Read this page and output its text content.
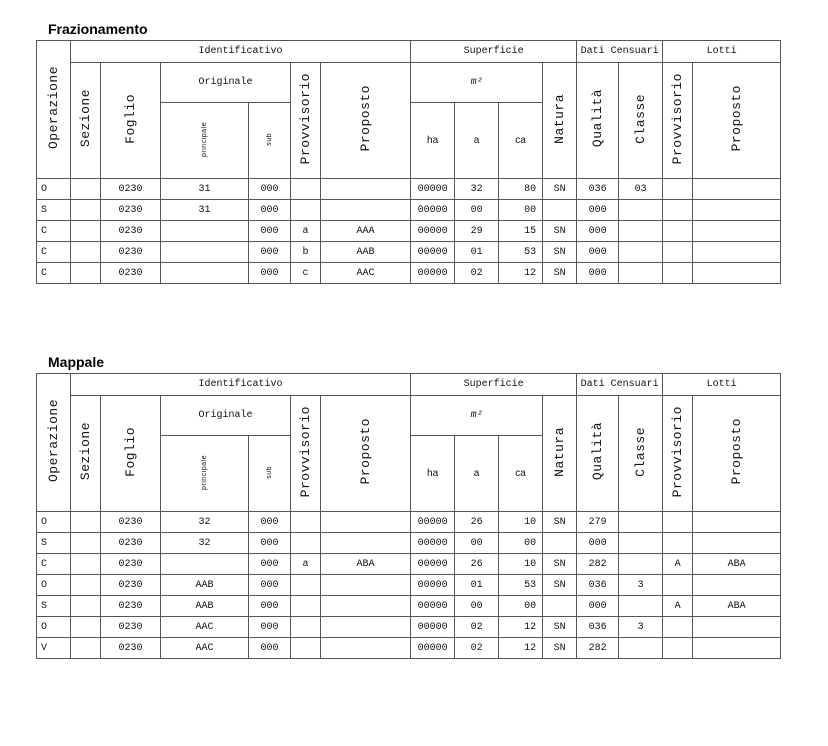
Frazionamento
Operazione	Identificativo						Superficie				Dati Censuari		Lotti	
	Sezione	Foglio	Originale		Provvisorio	Proposto	m²			Natura	Qualità	Classe	Provvisorio	Proposto
			principale	sub			ha	a	ca					
O		0230	31	000			00000	32	80	SN	036	03		
S		0230	31	000			00000	00	00		000			
C		0230		000	a	AAA	00000	29	15	SN	000			
C		0230		000	b	AAB	00000	01	53	SN	000			
C		0230		000	c	AAC	00000	02	12	SN	000			
Mappale
Operazione	Identificativo						Superficie				Dati Censuari		Lotti	
	Sezione	Foglio	Originale		Provvisorio	Proposto	m²			Natura	Qualità	Classe	Provvisorio	Proposto
			principale	sub			ha	a	ca					
O		0230	32	000			00000	26	10	SN	279			
S		0230	32	000			00000	00	00		000			
C		0230		000	a	ABA	00000	26	10	SN	282		A	ABA
O		0230	AAB	000			00000	01	53	SN	036	3		
S		0230	AAB	000			00000	00	00		000		A	ABA
O		0230	AAC	000			00000	02	12	SN	036	3		
V		0230	AAC	000			00000	02	12	SN	282			
